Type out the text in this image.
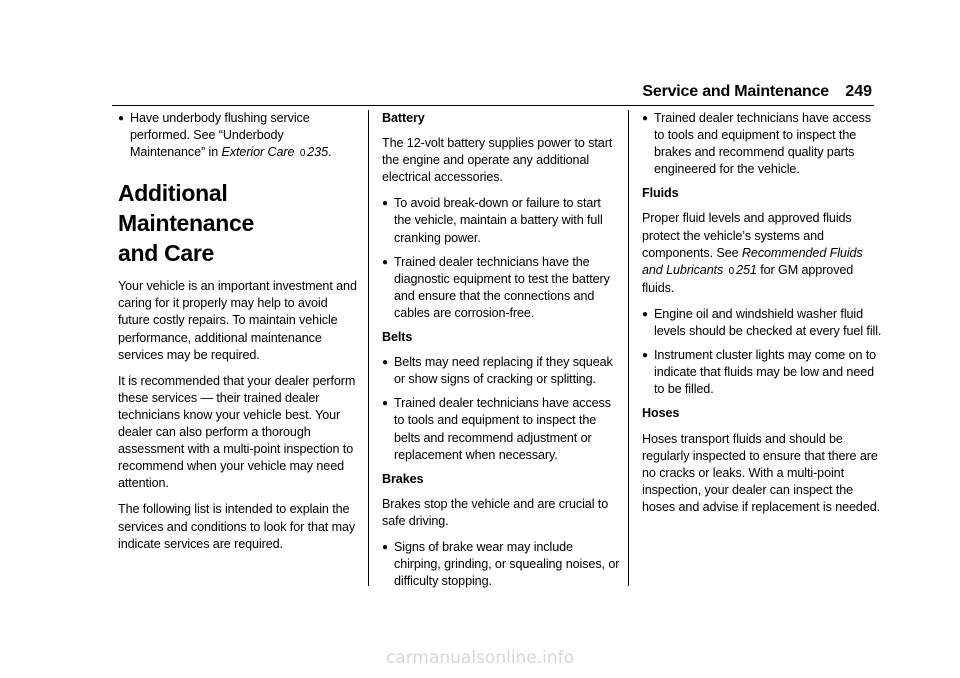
Service and Maintenance 249
● Have underbody flushing service performed. See “Underbody Maintenance” in Exterior Care 0 235.
Additional Maintenance
and Care

Your vehicle is an important investment and caring for it properly may help to avoid future costly repairs. To maintain vehicle performance, additional maintenance services may be required.

It is recommended that your dealer perform these services — their trained dealer technicians know your vehicle best. Your dealer can also perform a thorough assessment with a multi-point inspection to recommend when your vehicle may need attention.

The following list is intended to explain the services and conditions to look for that may indicate services are required.

Battery

The 12-volt battery supplies power to start the engine and operate any additional electrical accessories.

● To avoid break-down or failure to start the vehicle, maintain a battery with full cranking power.
● Trained dealer technicians have the diagnostic equipment to test the battery and ensure that the connections and cables are corrosion-free.
Belts
● Belts may need replacing if they squeak or show signs of cracking or splitting.
● Trained dealer technicians have access to tools and equipment to inspect the belts and recommend adjustment or replacement when necessary.
Brakes

Brakes stop the vehicle and are crucial to safe driving.

● Signs of brake wear may include chirping, grinding, or squealing noises, or difficulty stopping.
● Trained dealer technicians have access to tools and equipment to inspect the brakes and recommend quality parts engineered for the vehicle.
Fluids

Proper fluid levels and approved fluids protect the vehicle’s systems and components. See Recommended Fluids and Lubricants 0 251 for GM approved fluids.

● Engine oil and windshield washer fluid levels should be checked at every fuel fill.
● Instrument cluster lights may come on to indicate that fluids may be low and need to be filled.
Hoses

Hoses transport fluids and should be regularly inspected to ensure that there are no cracks or leaks. With a multi-point inspection, your dealer can inspect the hoses and advise if replacement is needed.

carmanualsonline.info
